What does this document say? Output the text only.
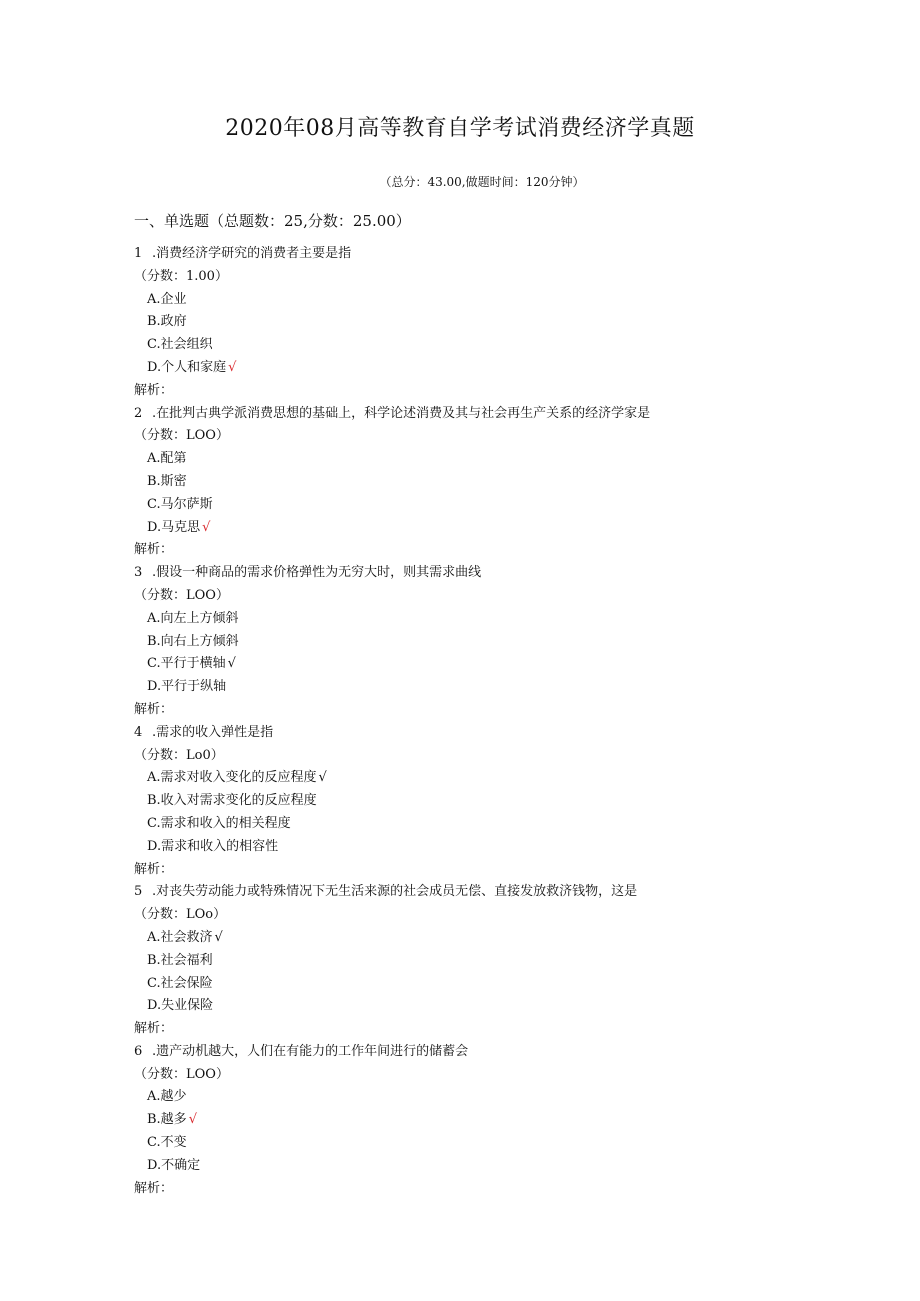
2020年08月高等教育自学考试消费经济学真题
（总分：43.00,做题时间：120分钟）
一、单选题（总题数：25,分数：25.00）
1 .消费经济学研究的消费者主要是指
（分数：1.00）
A.企业
B.政府
C.社会组织
D.个人和家庭 √
解析：
2 .在批判古典学派消费思想的基础上，科学论述消费及其与社会再生产关系的经济学家是
（分数：LOO）
A.配第
B.斯密
C.马尔萨斯
D.马克思 √
解析：
3 .假设一种商品的需求价格弹性为无穷大时，则其需求曲线
（分数：LOO）
A.向左上方倾斜
B.向右上方倾斜
C.平行于横轴 √
D.平行于纵轴
解析：
4 .需求的收入弹性是指
（分数：Lo0）
A.需求对收入变化的反应程度 √
B.收入对需求变化的反应程度
C.需求和收入的相关程度
D.需求和收入的相容性
解析：
5 .对丧失劳动能力或特殊情况下无生活来源的社会成员无偿、直接发放救济钱物，这是
（分数：LOo）
A.社会救济 √
B.社会福利
C.社会保险
D.失业保险
解析：
6 .遗产动机越大，人们在有能力的工作年间进行的储蓄会
（分数：LOO）
A.越少
B.越多 √
C.不变
D.不确定
解析：
